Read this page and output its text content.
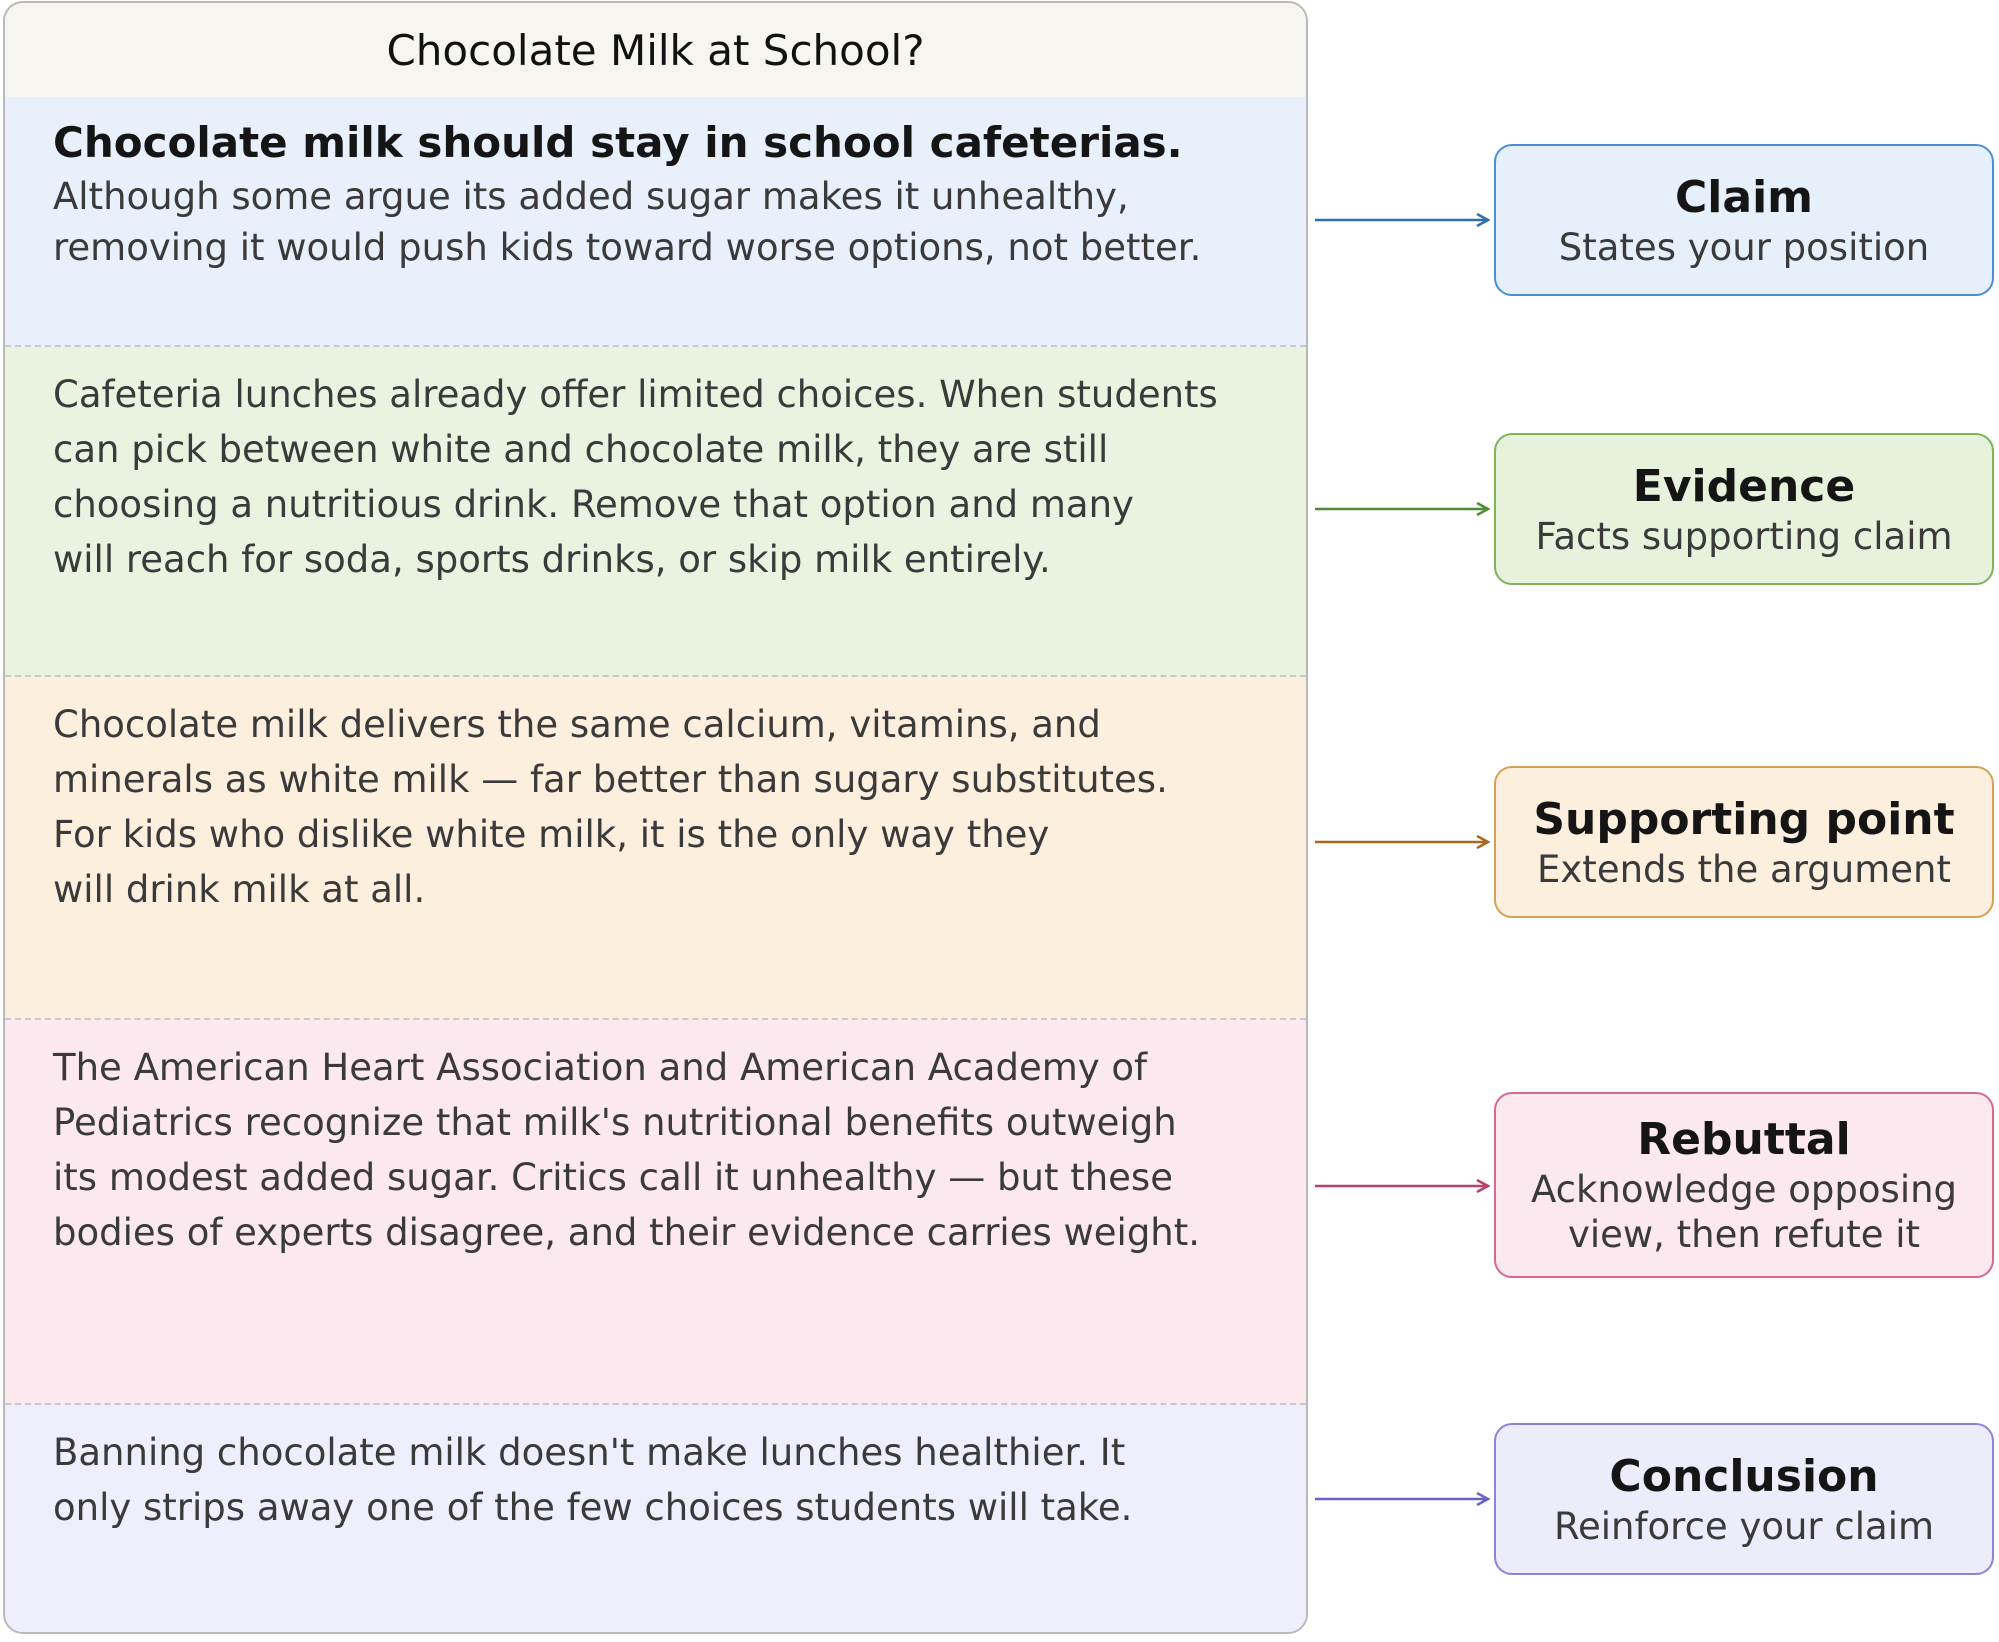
Chocolate Milk at School?

Chocolate milk should stay in school cafeterias.

Although some argue its added sugar makes it unhealthy,
removing it would push kids toward worse options, not better.

Cafeteria lunches already offer limited choices. When students
can pick between white and chocolate milk, they are still
choosing a nutritious drink. Remove that option and many
will reach for soda, sports drinks, or skip milk entirely.

Chocolate milk delivers the same calcium, vitamins, and
minerals as white milk — far better than sugary substitutes.
For kids who dislike white milk, it is the only way they
will drink milk at all.

The American Heart Association and American Academy of
Pediatrics recognize that milk's nutritional benefits outweigh
its modest added sugar. Critics call it unhealthy — but these
bodies of experts disagree, and their evidence carries weight.

Banning chocolate milk doesn't make lunches healthier. It
only strips away one of the few choices students will take.

Claim
States your position
Evidence
Facts supporting claim
Supporting point
Extends the argument
Rebuttal
Acknowledge opposing
view, then refute it
Conclusion
Reinforce your claim
